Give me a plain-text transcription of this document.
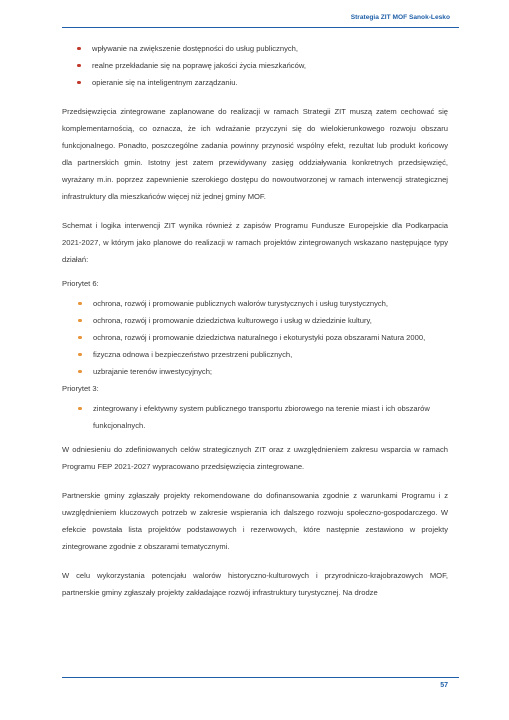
Strategia ZIT MOF Sanok-Lesko
wpływanie na zwiększenie dostępności do usług publicznych,
realne przekładanie się na poprawę jakości życia mieszkańców,
opieranie się na inteligentnym zarządzaniu.

Przedsięwzięcia zintegrowane zaplanowane do realizacji w ramach Strategii ZIT muszą zatem cechować się komplementarnością, co oznacza, że ich wdrażanie przyczyni się do wielokierunkowego rozwoju obszaru funkcjonalnego. Ponadto, poszczególne zadania powinny przynosić wspólny efekt, rezultat lub produkt końcowy dla partnerskich gmin. Istotny jest zatem przewidywany zasięg oddziaływania konkretnych przedsięwzięć, wyrażany m.in. poprzez zapewnienie szerokiego dostępu do nowoutworzonej w ramach interwencji strategicznej infrastruktury dla mieszkańców więcej niż jednej gminy MOF.

Schemat i logika interwencji ZIT wynika również z zapisów Programu Fundusze Europejskie dla Podkarpacia 2021-2027, w którym jako planowe do realizacji w ramach projektów zintegrowanych wskazano następujące typy działań:

Priorytet 6:
ochrona, rozwój i promowanie publicznych walorów turystycznych i usług turystycznych,
ochrona, rozwój i promowanie dziedzictwa kulturowego i usług w dziedzinie kultury,
ochrona, rozwój i promowanie dziedzictwa naturalnego i ekoturystyki poza obszarami Natura 2000,
fizyczna odnowa i bezpieczeństwo przestrzeni publicznych,
uzbrajanie terenów inwestycyjnych;
Priorytet 3:
zintegrowany i efektywny system publicznego transportu zbiorowego na terenie miast i ich obszarów funkcjonalnych.

W odniesieniu do zdefiniowanych celów strategicznych ZIT oraz z uwzględnieniem zakresu wsparcia w ramach Programu FEP 2021-2027 wypracowano przedsięwzięcia zintegrowane.

Partnerskie gminy zgłaszały projekty rekomendowane do dofinansowania zgodnie z warunkami Programu i z uwzględnieniem kluczowych potrzeb w zakresie wspierania ich dalszego rozwoju społeczno-gospodarczego. W efekcie powstała lista projektów podstawowych i rezerwowych, które następnie zestawiono w projekty zintegrowane zgodnie z obszarami tematycznymi.

W celu wykorzystania potencjału walorów historyczno-kulturowych i przyrodniczo-krajobrazowych MOF, partnerskie gminy zgłaszały projekty zakładające rozwój infrastruktury turystycznej. Na drodze

57
